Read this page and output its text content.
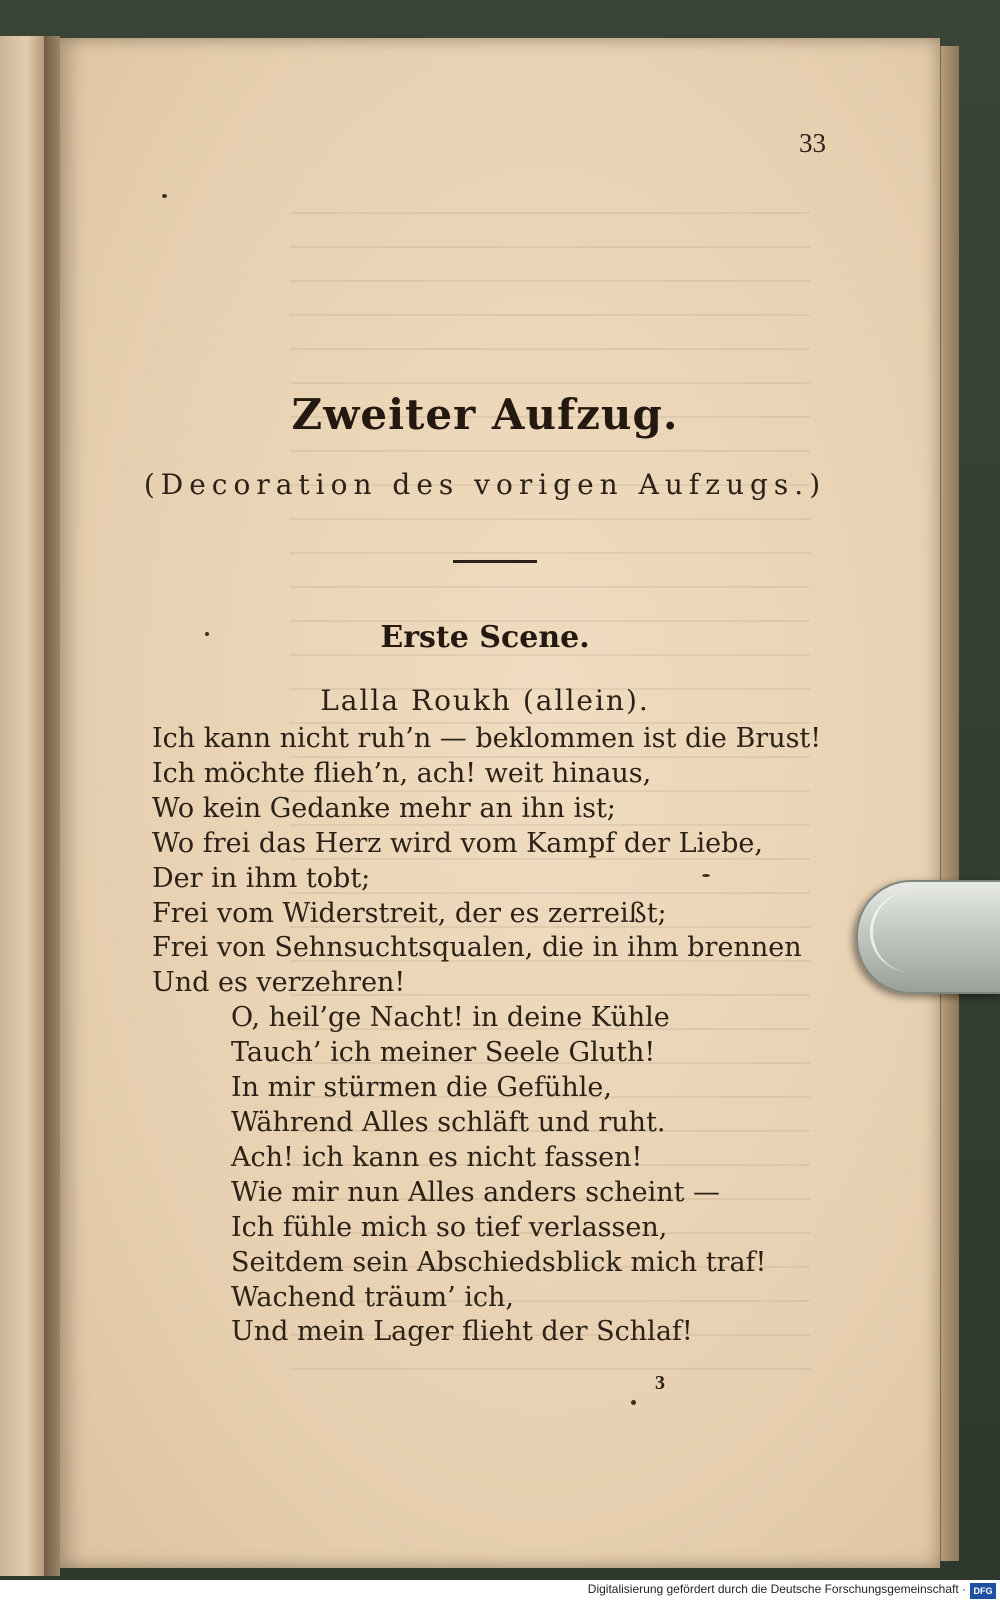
33
Zweiter Aufzug.
(Decoration des vorigen Aufzugs.)
Erste Scene.
Lalla Roukh (allein).
Ich kann nicht ruh’n — beklommen ist die Brust!
Ich möchte flieh’n, ach! weit hinaus,
Wo kein Gedanke mehr an ihn ist;
Wo frei das Herz wird vom Kampf der Liebe,
Der in ihm tobt;
Frei vom Widerstreit, der es zerreißt;
Frei von Sehnsuchtsqualen, die in ihm brennen
Und es verzehren!
O, heil’ge Nacht! in deine Kühle
Tauch’ ich meiner Seele Gluth!
In mir stürmen die Gefühle,
Während Alles schläft und ruht.
Ach! ich kann es nicht fassen!
Wie mir nun Alles anders scheint —
Ich fühle mich so tief verlassen,
Seitdem sein Abschiedsblick mich traf!
Wachend träum’ ich,
Und mein Lager flieht der Schlaf!
3
Digitalisierung gefördert durch die Deutsche Forschungsgemeinschaft · DFG
